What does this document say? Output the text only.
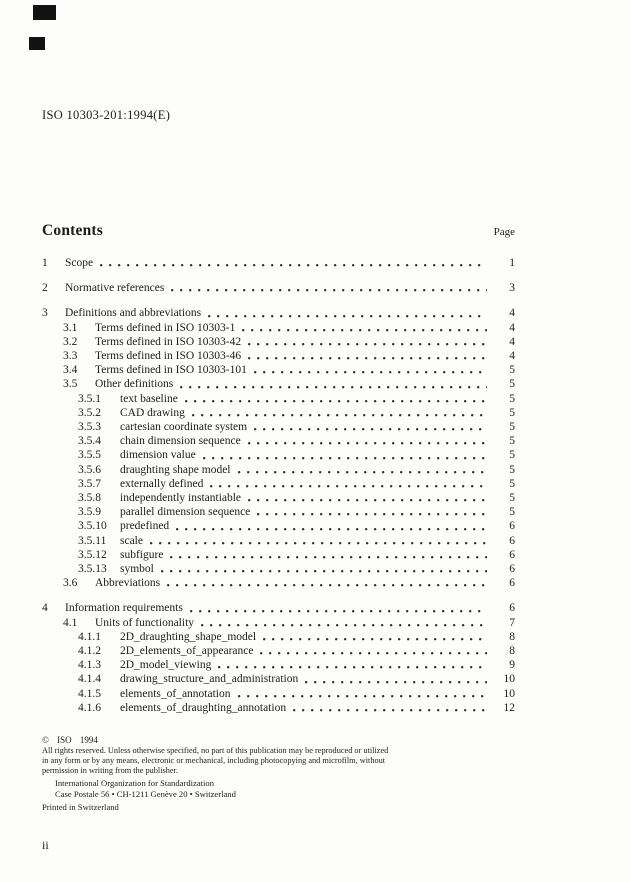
ISO 10303-201:1994(E)
Contents	Page
1	Scope	1
2	Normative references	3
3	Definitions and abbreviations	4
3.1	Terms defined in ISO 10303-1	4
3.2	Terms defined in ISO 10303-42	4
3.3	Terms defined in ISO 10303-46	4
3.4	Terms defined in ISO 10303-101	5
3.5	Other definitions	5
3.5.1	text baseline	5
3.5.2	CAD drawing	5
3.5.3	cartesian coordinate system	5
3.5.4	chain dimension sequence	5
3.5.5	dimension value	5
3.5.6	draughting shape model	5
3.5.7	externally defined	5
3.5.8	independently instantiable	5
3.5.9	parallel dimension sequence	5
3.5.10	predefined	6
3.5.11	scale	6
3.5.12	subfigure	6
3.5.13	symbol	6
3.6	Abbreviations	6
4	Information requirements	6
4.1	Units of functionality	7
4.1.1	2D_draughting_shape_model	8
4.1.2	2D_elements_of_appearance	8
4.1.3	2D_model_viewing	9
4.1.4	drawing_structure_and_administration	10
4.1.5	elements_of_annotation	10
4.1.6	elements_of_draughting_annotation	12
© ISO 1994
All rights reserved. Unless otherwise specified, no part of this publication may be reproduced or utilized in any form or by any means, electronic or mechanical, including photocopying and microfilm, without permission in writing from the publisher.
International Organization for Standardization
Case Postale 56 • CH-1211 Genève 20 • Switzerland
Printed in Switzerland
ii
